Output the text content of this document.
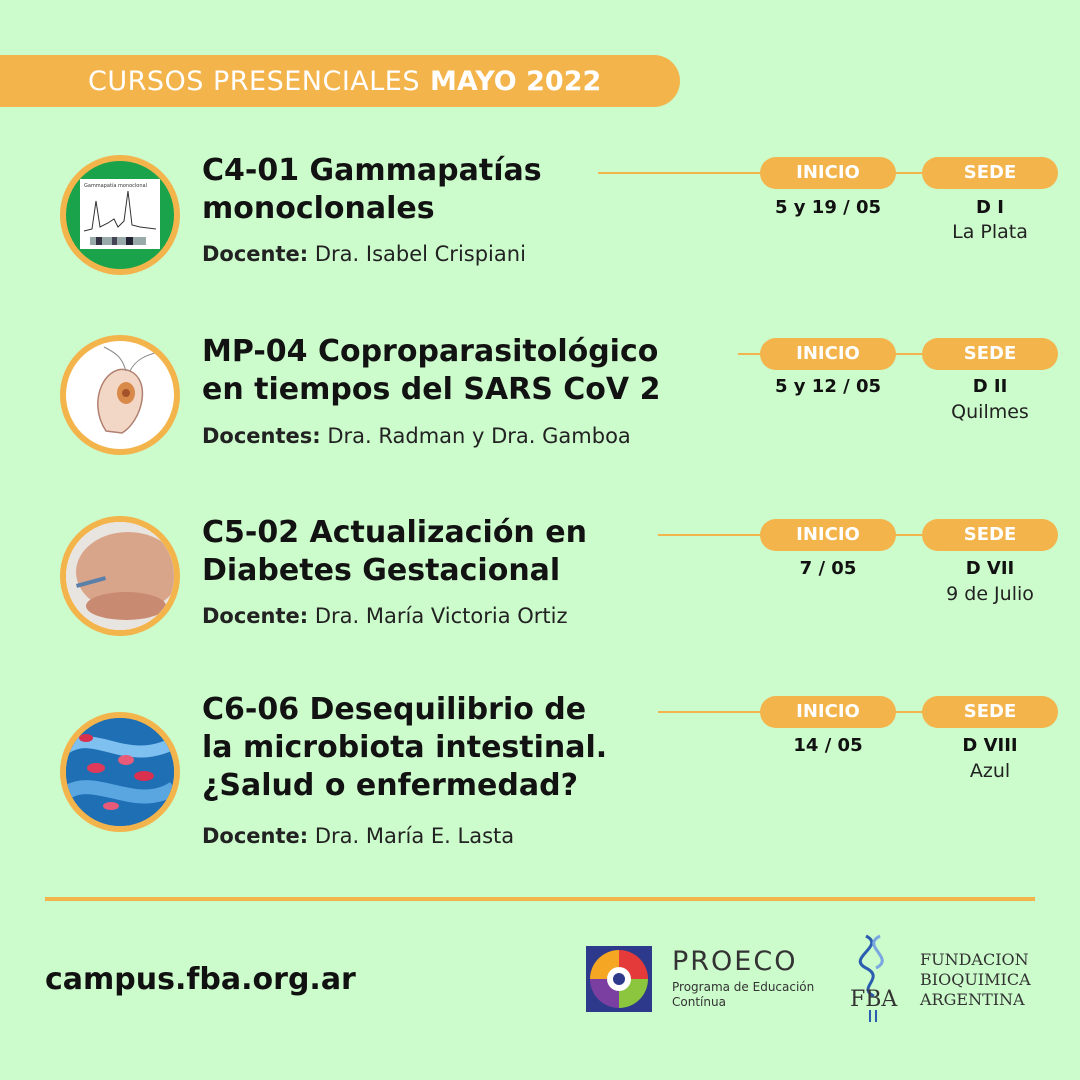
CURSOS PRESENCIALES MAYO 2022
Gammapatía monoclonal C4-01 Gammapatías
monoclonales
Docente: Dra. Isabel Crispiani
INICIO	SEDE
5 y 19 / 05	D I
La Plata
MP-04 Coproparasitológico
en tiempos del SARS CoV 2
Docentes: Dra. Radman y Dra. Gamboa
INICIO	SEDE
5 y 12 / 05	D II
Quilmes
C5-02 Actualización en
Diabetes Gestacional
Docente: Dra. María Victoria Ortiz
INICIO	SEDE
7 / 05	D VII
9 de Julio
C6-06 Desequilibrio de
la microbiota intestinal.
¿Salud o enfermedad?
Docente: Dra. María E. Lasta
INICIO	SEDE
14 / 05	D VIII
Azul
campus.fba.org.ar
PROECO
Programa de Educación Contínua	FBA
FUNDACION
BIOQUIMICA
ARGENTINA
